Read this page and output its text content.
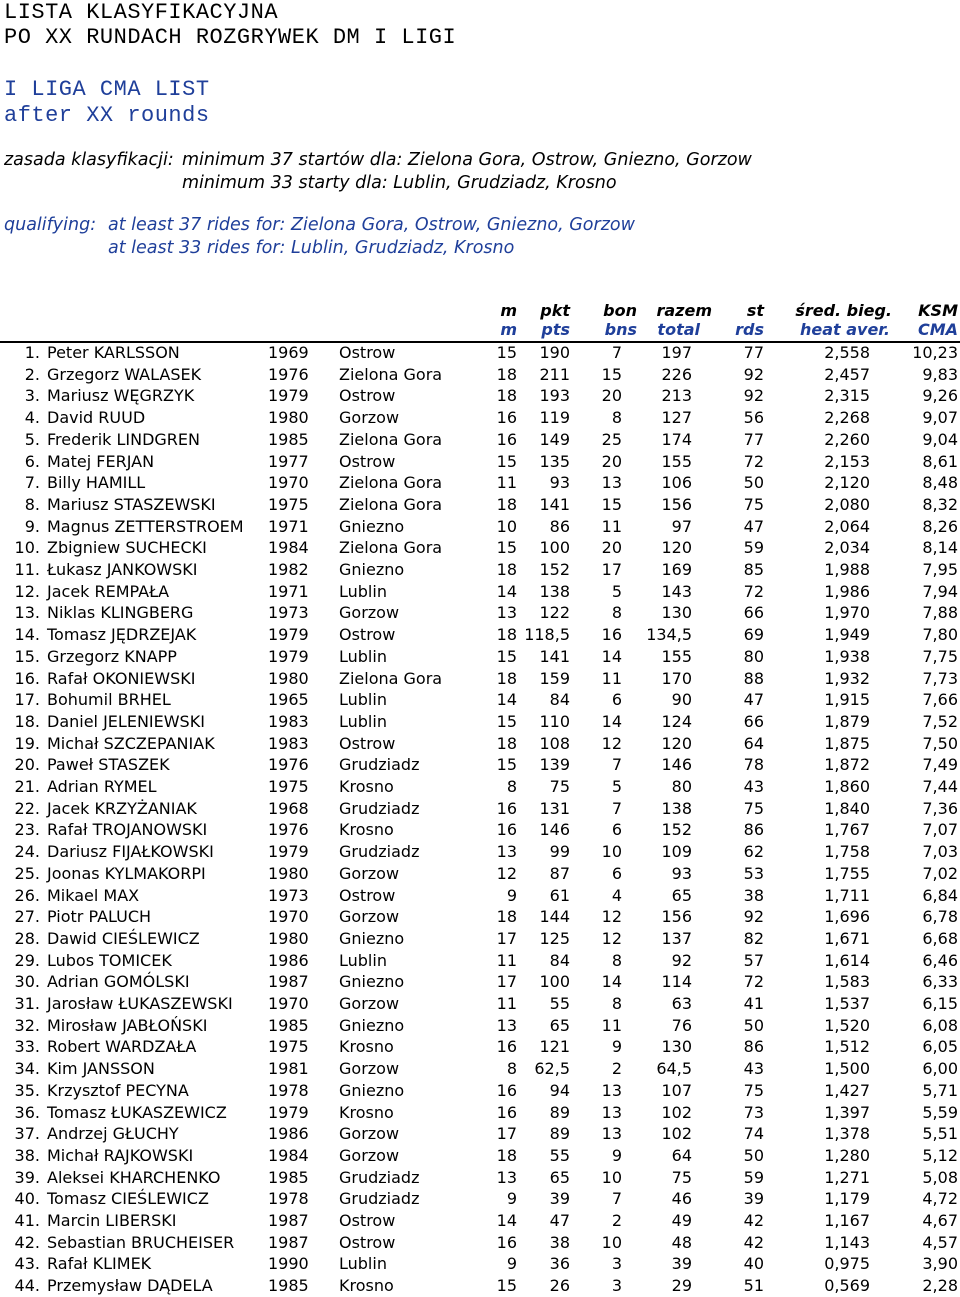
LISTA KLASYFIKACYJNA
PO XX RUNDACH ROZGRYWEK DM I LIGI
I LIGA CMA LIST
after XX rounds
zasada klasyfikacji: minimum 37 startów dla: Zielona Gora, Ostrow, Gniezno, Gorzow
minimum 33 starty dla: Lublin, Grudziadz, Krosno
qualifying: at least 37 rides for: Zielona Gora, Ostrow, Gniezno, Gorzow
at least 33 rides for: Lublin, Grudziadz, Krosno
m	pkt	bon	razem	st	śred. bieg.	KSM
m	pts	bns	total	rds	heat aver.	CMA
1. Peter KARLSSON	1969 Ostrow	15	190	7	197	77	2,558	10,23
2. Grzegorz WALASEK	1976 Zielona Gora	18	211	15	226	92	2,457	9,83
3. Mariusz WĘGRZYK	1979 Ostrow	18	193	20	213	92	2,315	9,26
4. David RUUD	1980 Gorzow	16	119	8	127	56	2,268	9,07
5. Frederik LINDGREN	1985 Zielona Gora	16	149	25	174	77	2,260	9,04
6. Matej FERJAN	1977 Ostrow	15	135	20	155	72	2,153	8,61
7. Billy HAMILL	1970 Zielona Gora	11	93	13	106	50	2,120	8,48
8. Mariusz STASZEWSKI	1975 Zielona Gora	18	141	15	156	75	2,080	8,32
9. Magnus ZETTERSTROEM 1971 Gniezno	10	86	11	97	47	2,064	8,26
10. Zbigniew SUCHECKI	1984 Zielona Gora	15	100	20	120	59	2,034	8,14
11. Łukasz JANKOWSKI	1982 Gniezno	18	152	17	169	85	1,988	7,95
12. Jacek REMPAŁA	1971 Lublin	14	138	5	143	72	1,986	7,94
13. Niklas KLINGBERG	1973 Gorzow	13	122	8	130	66	1,970	7,88
14. Tomasz JĘDRZEJAK	1979 Ostrow	18 118,5	16	134,5	69	1,949	7,80
15. Grzegorz KNAPP	1979 Lublin	15	141	14	155	80	1,938	7,75
16. Rafał OKONIEWSKI	1980 Zielona Gora	18	159	11	170	88	1,932	7,73
17. Bohumil BRHEL	1965 Lublin	14	84	6	90	47	1,915	7,66
18. Daniel JELENIEWSKI	1983 Lublin	15	110	14	124	66	1,879	7,52
19. Michał SZCZEPANIAK	1983 Ostrow	18	108	12	120	64	1,875	7,50
20. Paweł STASZEK	1976 Grudziadz	15	139	7	146	78	1,872	7,49
21. Adrian RYMEL	1975 Krosno	8	75	5	80	43	1,860	7,44
22. Jacek KRZYŻANIAK	1968 Grudziadz	16	131	7	138	75	1,840	7,36
23. Rafał TROJANOWSKI	1976 Krosno	16	146	6	152	86	1,767	7,07
24. Dariusz FIJAŁKOWSKI	1979 Grudziadz	13	99	10	109	62	1,758	7,03
25. Joonas KYLMAKORPI	1980 Gorzow	12	87	6	93	53	1,755	7,02
26. Mikael MAX	1973 Ostrow	9	61	4	65	38	1,711	6,84
27. Piotr PALUCH	1970 Gorzow	18	144	12	156	92	1,696	6,78
28. Dawid CIEŚLEWICZ	1980 Gniezno	17	125	12	137	82	1,671	6,68
29. Lubos TOMICEK	1986 Lublin	11	84	8	92	57	1,614	6,46
30. Adrian GOMÓLSKI	1987 Gniezno	17	100	14	114	72	1,583	6,33
31. Jarosław ŁUKASZEWSKI 1970 Gorzow	11	55	8	63	41	1,537	6,15
32. Mirosław JABŁOŃSKI	1985 Gniezno	13	65	11	76	50	1,520	6,08
33. Robert WARDZAŁA	1975 Krosno	16	121	9	130	86	1,512	6,05
34. Kim JANSSON	1981 Gorzow	8	62,5	2	64,5	43	1,500	6,00
35. Krzysztof PECYNA	1978 Gniezno	16	94	13	107	75	1,427	5,71
36. Tomasz ŁUKASZEWICZ	1979 Krosno	16	89	13	102	73	1,397	5,59
37. Andrzej GŁUCHY	1986 Gorzow	17	89	13	102	74	1,378	5,51
38. Michał RAJKOWSKI	1984 Gorzow	18	55	9	64	50	1,280	5,12
39. Aleksei KHARCHENKO	1985 Grudziadz	13	65	10	75	59	1,271	5,08
40. Tomasz CIEŚLEWICZ	1978 Grudziadz	9	39	7	46	39	1,179	4,72
41. Marcin LIBERSKI	1987 Ostrow	14	47	2	49	42	1,167	4,67
42. Sebastian BRUCHEISER 1987 Ostrow	16	38	10	48	42	1,143	4,57
43. Rafał KLIMEK	1990 Lublin	9	36	3	39	40	0,975	3,90
44. Przemysław DĄDELA	1985 Krosno	15	26	3	29	51	0,569	2,28
